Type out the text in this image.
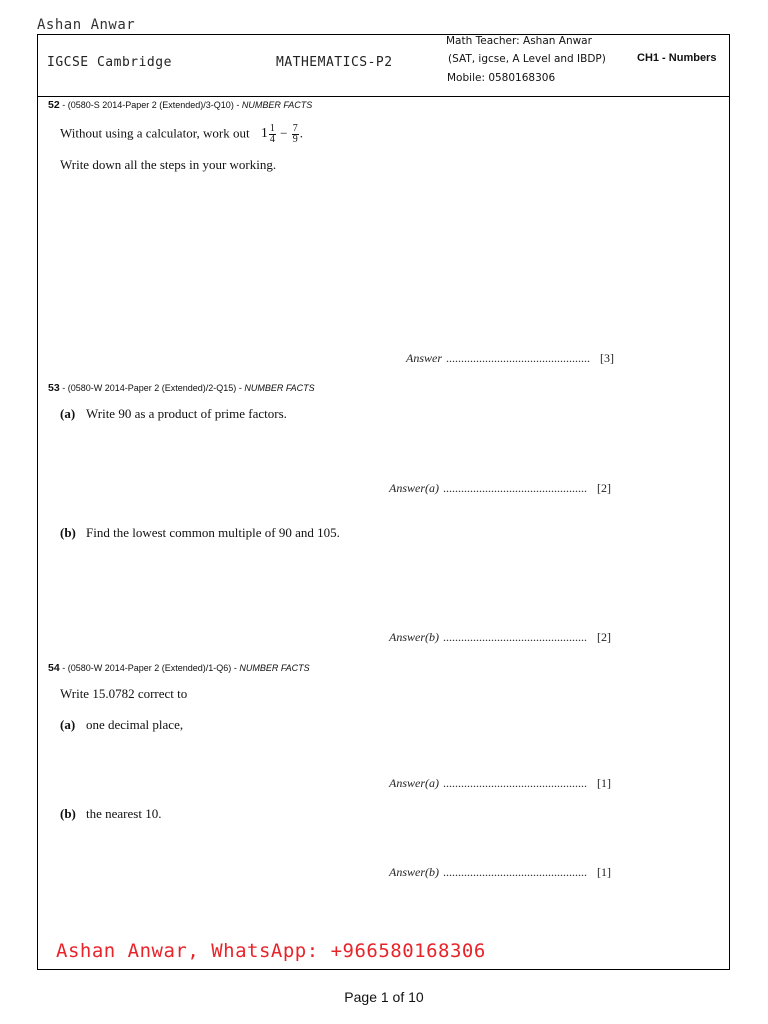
Ashan Anwar
IGCSE Cambridge	MATHEMATICS-P2
Math Teacher: Ashan Anwar
(SAT, igcse, A Level and IBDP)
Mobile: 0580168306
CH1 - Numbers
52 - (0580-S 2014-Paper 2 (Extended)/3-Q10) - NUMBER FACTS
Without using a calculator, work out $1 \frac{1}{4} - \frac{7}{9}$ .
Write down all the steps in your working.
Answer ................................................ [3]
53 - (0580-W 2014-Paper 2 (Extended)/2-Q15) - NUMBER FACTS
(a) Write 90 as a product of prime factors.
Answer(a) ................................................ [2]
(b) Find the lowest common multiple of 90 and 105.
Answer(b) ................................................ [2]
54 - (0580-W 2014-Paper 2 (Extended)/1-Q6) - NUMBER FACTS
Write 15.0782 correct to
(a) one decimal place,
Answer(a) ................................................ [1]
(b) the nearest 10.
Answer(b) ................................................ [1]
Ashan Anwar, WhatsApp: +966580168306
Page 1 of 10
